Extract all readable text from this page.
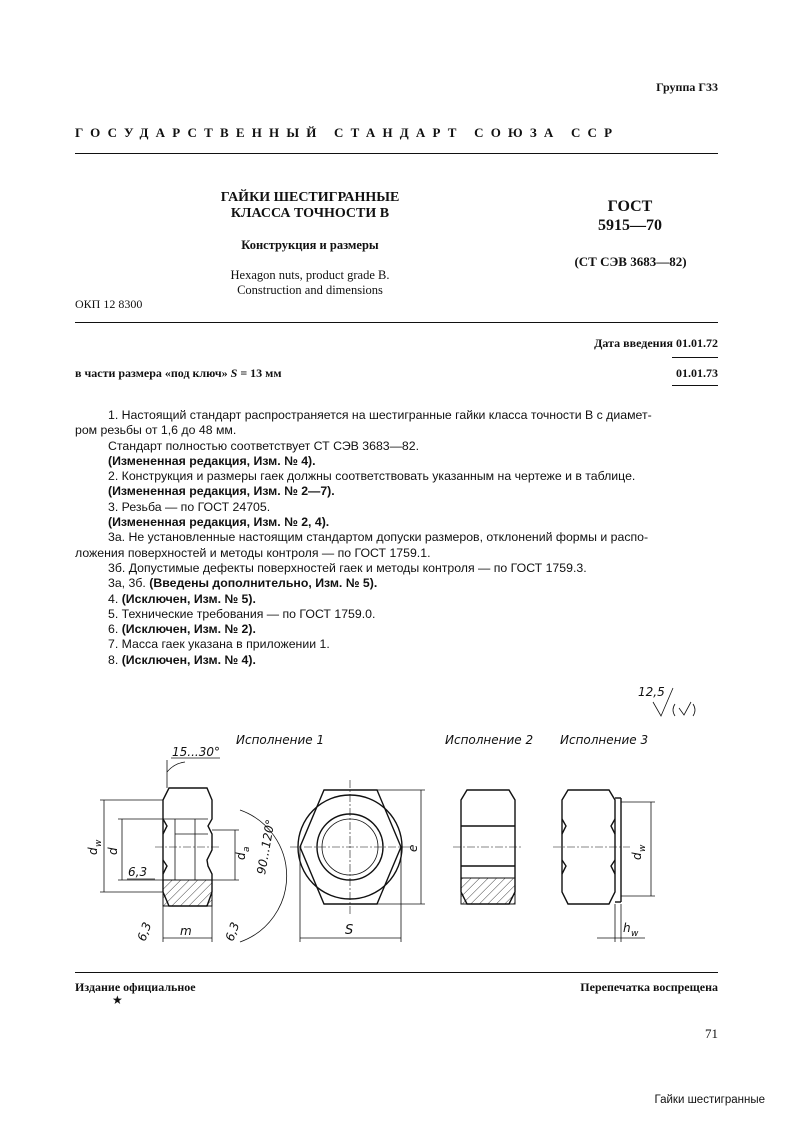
Группа Г33
ГОСУДАРСТВЕННЫЙ СТАНДАРТ СОЮЗА ССР
ГАЙКИ ШЕСТИГРАННЫЕ
КЛАССА ТОЧНОСТИ В
Конструкция и размеры
Hexagon nuts, product grade B.
Construction and dimensions
ГОСТ
5915—70
(СТ СЭВ 3683—82)
ОКП 12 8300
Дата введения 01.01.72
в части размера «под ключ» S = 13 мм	01.01.73

1. Настоящий стандарт распространяется на шестигранные гайки класса точности В с диамет-

ром резьбы от 1,6 до 48 мм.

Стандарт полностью соответствует СТ СЭВ 3683—82.

(Измененная редакция, Изм. № 4).

2. Конструкция и размеры гаек должны соответствовать указанным на чертеже и в таблице.

(Измененная редакция, Изм. № 2—7).

3. Резьба — по ГОСТ 24705.

(Измененная редакция, Изм. № 2, 4).

3а. Не установленные настоящим стандартом допуски размеров, отклонений формы и распо-

ложения поверхностей и методы контроля — по ГОСТ 1759.1.

3б. Допустимые дефекты поверхностей гаек и методы контроля — по ГОСТ 1759.3.

3а, 3б. (Введены дополнительно, Изм. № 5).

4. (Исключен, Изм. № 5).

5. Технические требования — по ГОСТ 1759.0.

6. (Исключен, Изм. № 2).

7. Масса гаек указана в приложении 1.

8. (Исключен, Изм. № 4).

12,5
Исполнение 1	Исполнение 2 Исполнение 3
15...30°
d
w
d
6,3
d
a 90...120°
m
6,3	6,3
e
S
d
w
h w
Издание официальное	Перепечатка воспрещена
★
71
Гайки шестигранные
